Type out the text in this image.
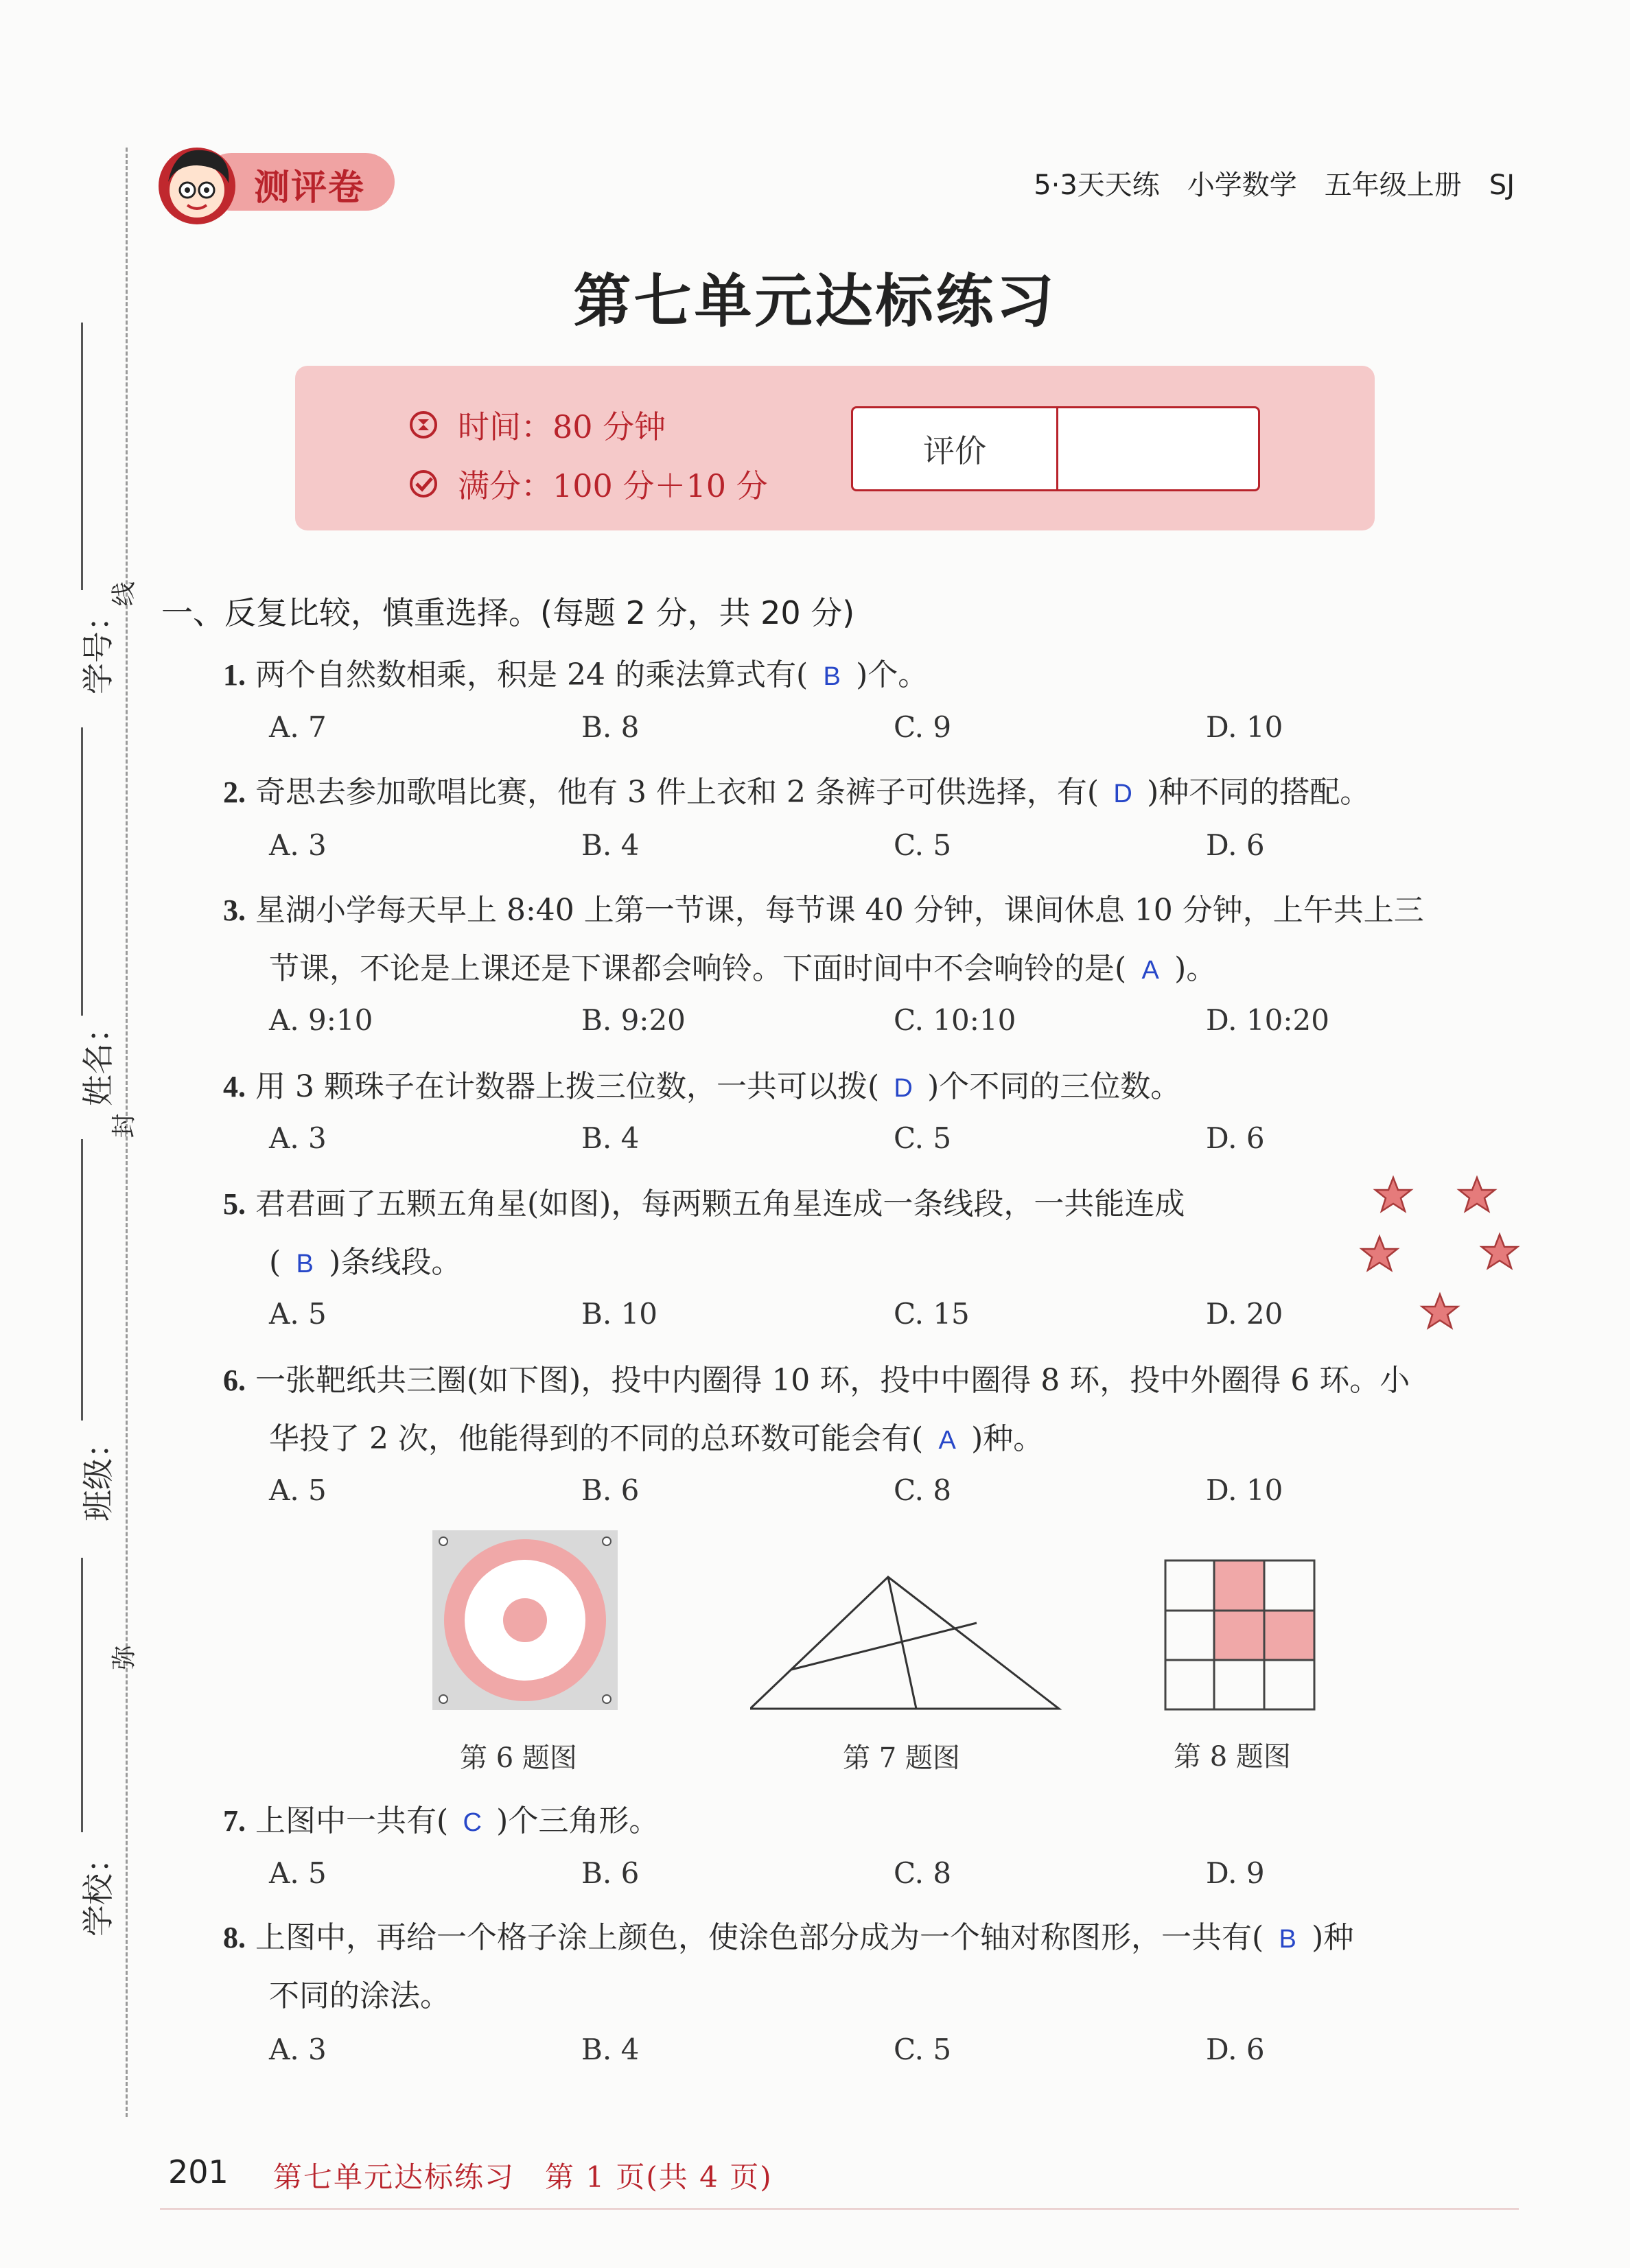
学号：
姓名：
班级：
学校：
线
封
弥
测评卷	5·3天天练　小学数学　五年级上册　SJ
第七单元达标练习
时间：80 分钟
满分：100 分＋10 分
评价
一、反复比较，慎重选择。(每题 2 分，共 20 分)
1. 两个自然数相乘，积是 24 的乘法算式有( B )个。
A. 7	B. 8	C. 9	D. 10
2. 奇思去参加歌唱比赛，他有 3 件上衣和 2 条裤子可供选择，有( D )种不同的搭配。
A. 3	B. 4	C. 5	D. 6
3. 星湖小学每天早上 8:40 上第一节课，每节课 40 分钟，课间休息 10 分钟，上午共上三
节课，不论是上课还是下课都会响铃。下面时间中不会响铃的是( A )。
A. 9:10	B. 9:20	C. 10:10	D. 10:20
4. 用 3 颗珠子在计数器上拨三位数，一共可以拨( D )个不同的三位数。
A. 3	B. 4	C. 5	D. 6
5. 君君画了五颗五角星(如图)，每两颗五角星连成一条线段，一共能连成
( B )条线段。
A. 5	B. 10	C. 15	D. 20
6. 一张靶纸共三圈(如下图)，投中内圈得 10 环，投中中圈得 8 环，投中外圈得 6 环。小
华投了 2 次，他能得到的不同的总环数可能会有( A )种。
A. 5	B. 6	C. 8	D. 10
第 6 题图	第 7 题图	第 8 题图
7. 上图中一共有( C )个三角形。
A. 5	B. 6	C. 8	D. 9
8. 上图中，再给一个格子涂上颜色，使涂色部分成为一个轴对称图形，一共有( B )种
不同的涂法。
A. 3	B. 4	C. 5	D. 6
201 第七单元达标练习　第 1 页(共 4 页)
